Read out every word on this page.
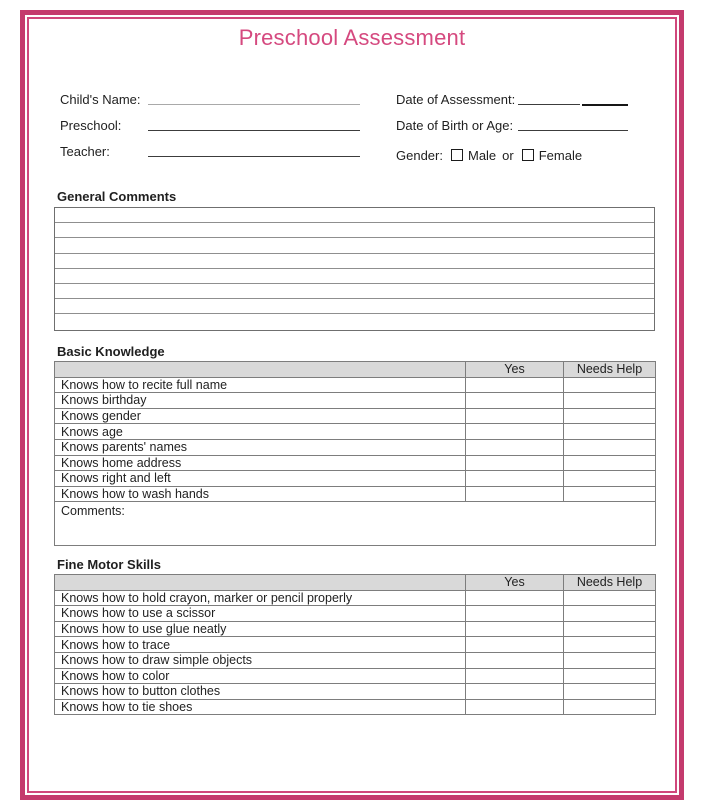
Preschool Assessment
Child's Name:
Preschool:
Teacher:
Date of Assessment:
Date of Birth or Age:
Gender: Male or Female
General Comments
Basic Knowledge
	Yes	Needs Help
Knows how to recite full name		
Knows birthday		
Knows gender		
Knows age		
Knows parents' names		
Knows home address		
Knows right and left		
Knows how to wash hands		
Comments:		
Fine Motor Skills
	Yes	Needs Help
Knows how to hold crayon, marker or pencil properly		
Knows how to use a scissor		
Knows how to use glue neatly		
Knows how to trace		
Knows how to draw simple objects		
Knows how to color		
Knows how to button clothes		
Knows how to tie shoes		
